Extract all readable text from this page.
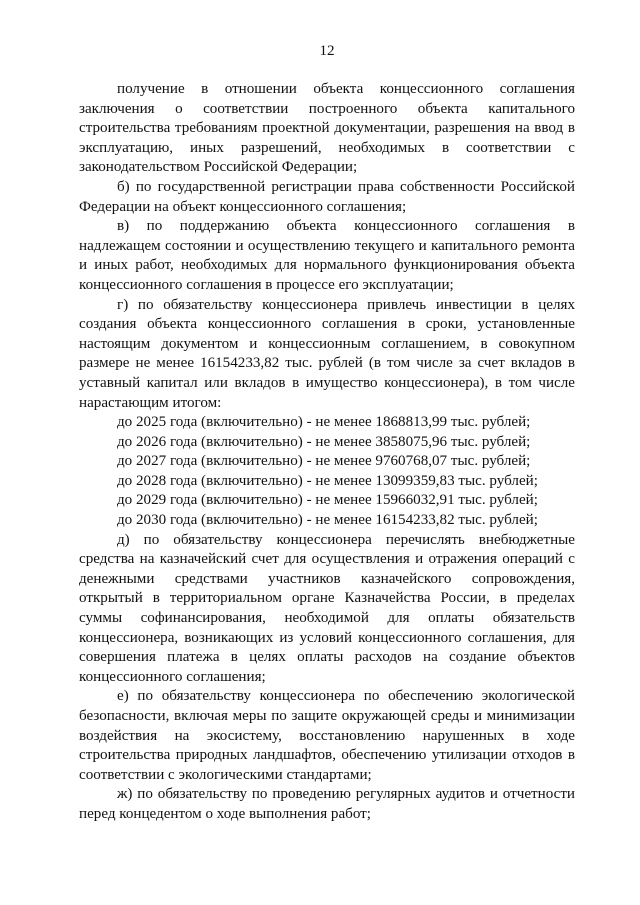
12

получение в отношении объекта концессионного соглашения заключения о соответствии построенного объекта капитального строительства требованиям проектной документации, разрешения на ввод в эксплуатацию, иных разрешений, необходимых в соответствии с законодательством Российской Федерации;

б) по государственной регистрации права собственности Российской Федерации на объект концессионного соглашения;

в) по поддержанию объекта концессионного соглашения в надлежащем состоянии и осуществлению текущего и капитального ремонта и иных работ, необходимых для нормального функционирования объекта концессионного соглашения в процессе его эксплуатации;

г) по обязательству концессионера привлечь инвестиции в целях создания объекта концессионного соглашения в сроки, установленные настоящим документом и концессионным соглашением, в совокупном размере не менее 16154233,82 тыс. рублей (в том числе за счет вкладов в уставный капитал или вкладов в имущество концессионера), в том числе нарастающим итогом:

до 2025 года (включительно) - не менее 1868813,99 тыс. рублей;

до 2026 года (включительно) - не менее 3858075,96 тыс. рублей;

до 2027 года (включительно) - не менее 9760768,07 тыс. рублей;

до 2028 года (включительно) - не менее 13099359,83 тыс. рублей;

до 2029 года (включительно) - не менее 15966032,91 тыс. рублей;

до 2030 года (включительно) - не менее 16154233,82 тыс. рублей;

д) по обязательству концессионера перечислять внебюджетные средства на казначейский счет для осуществления и отражения операций с денежными средствами участников казначейского сопровождения, открытый в территориальном органе Казначейства России, в пределах суммы софинансирования, необходимой для оплаты обязательств концессионера, возникающих из условий концессионного соглашения, для совершения платежа в целях оплаты расходов на создание объектов концессионного соглашения;

е) по обязательству концессионера по обеспечению экологической безопасности, включая меры по защите окружающей среды и минимизации воздействия на экосистему, восстановлению нарушенных в ходе строительства природных ландшафтов, обеспечению утилизации отходов в соответствии с экологическими стандартами;

ж) по обязательству по проведению регулярных аудитов и отчетности перед концедентом о ходе выполнения работ;
